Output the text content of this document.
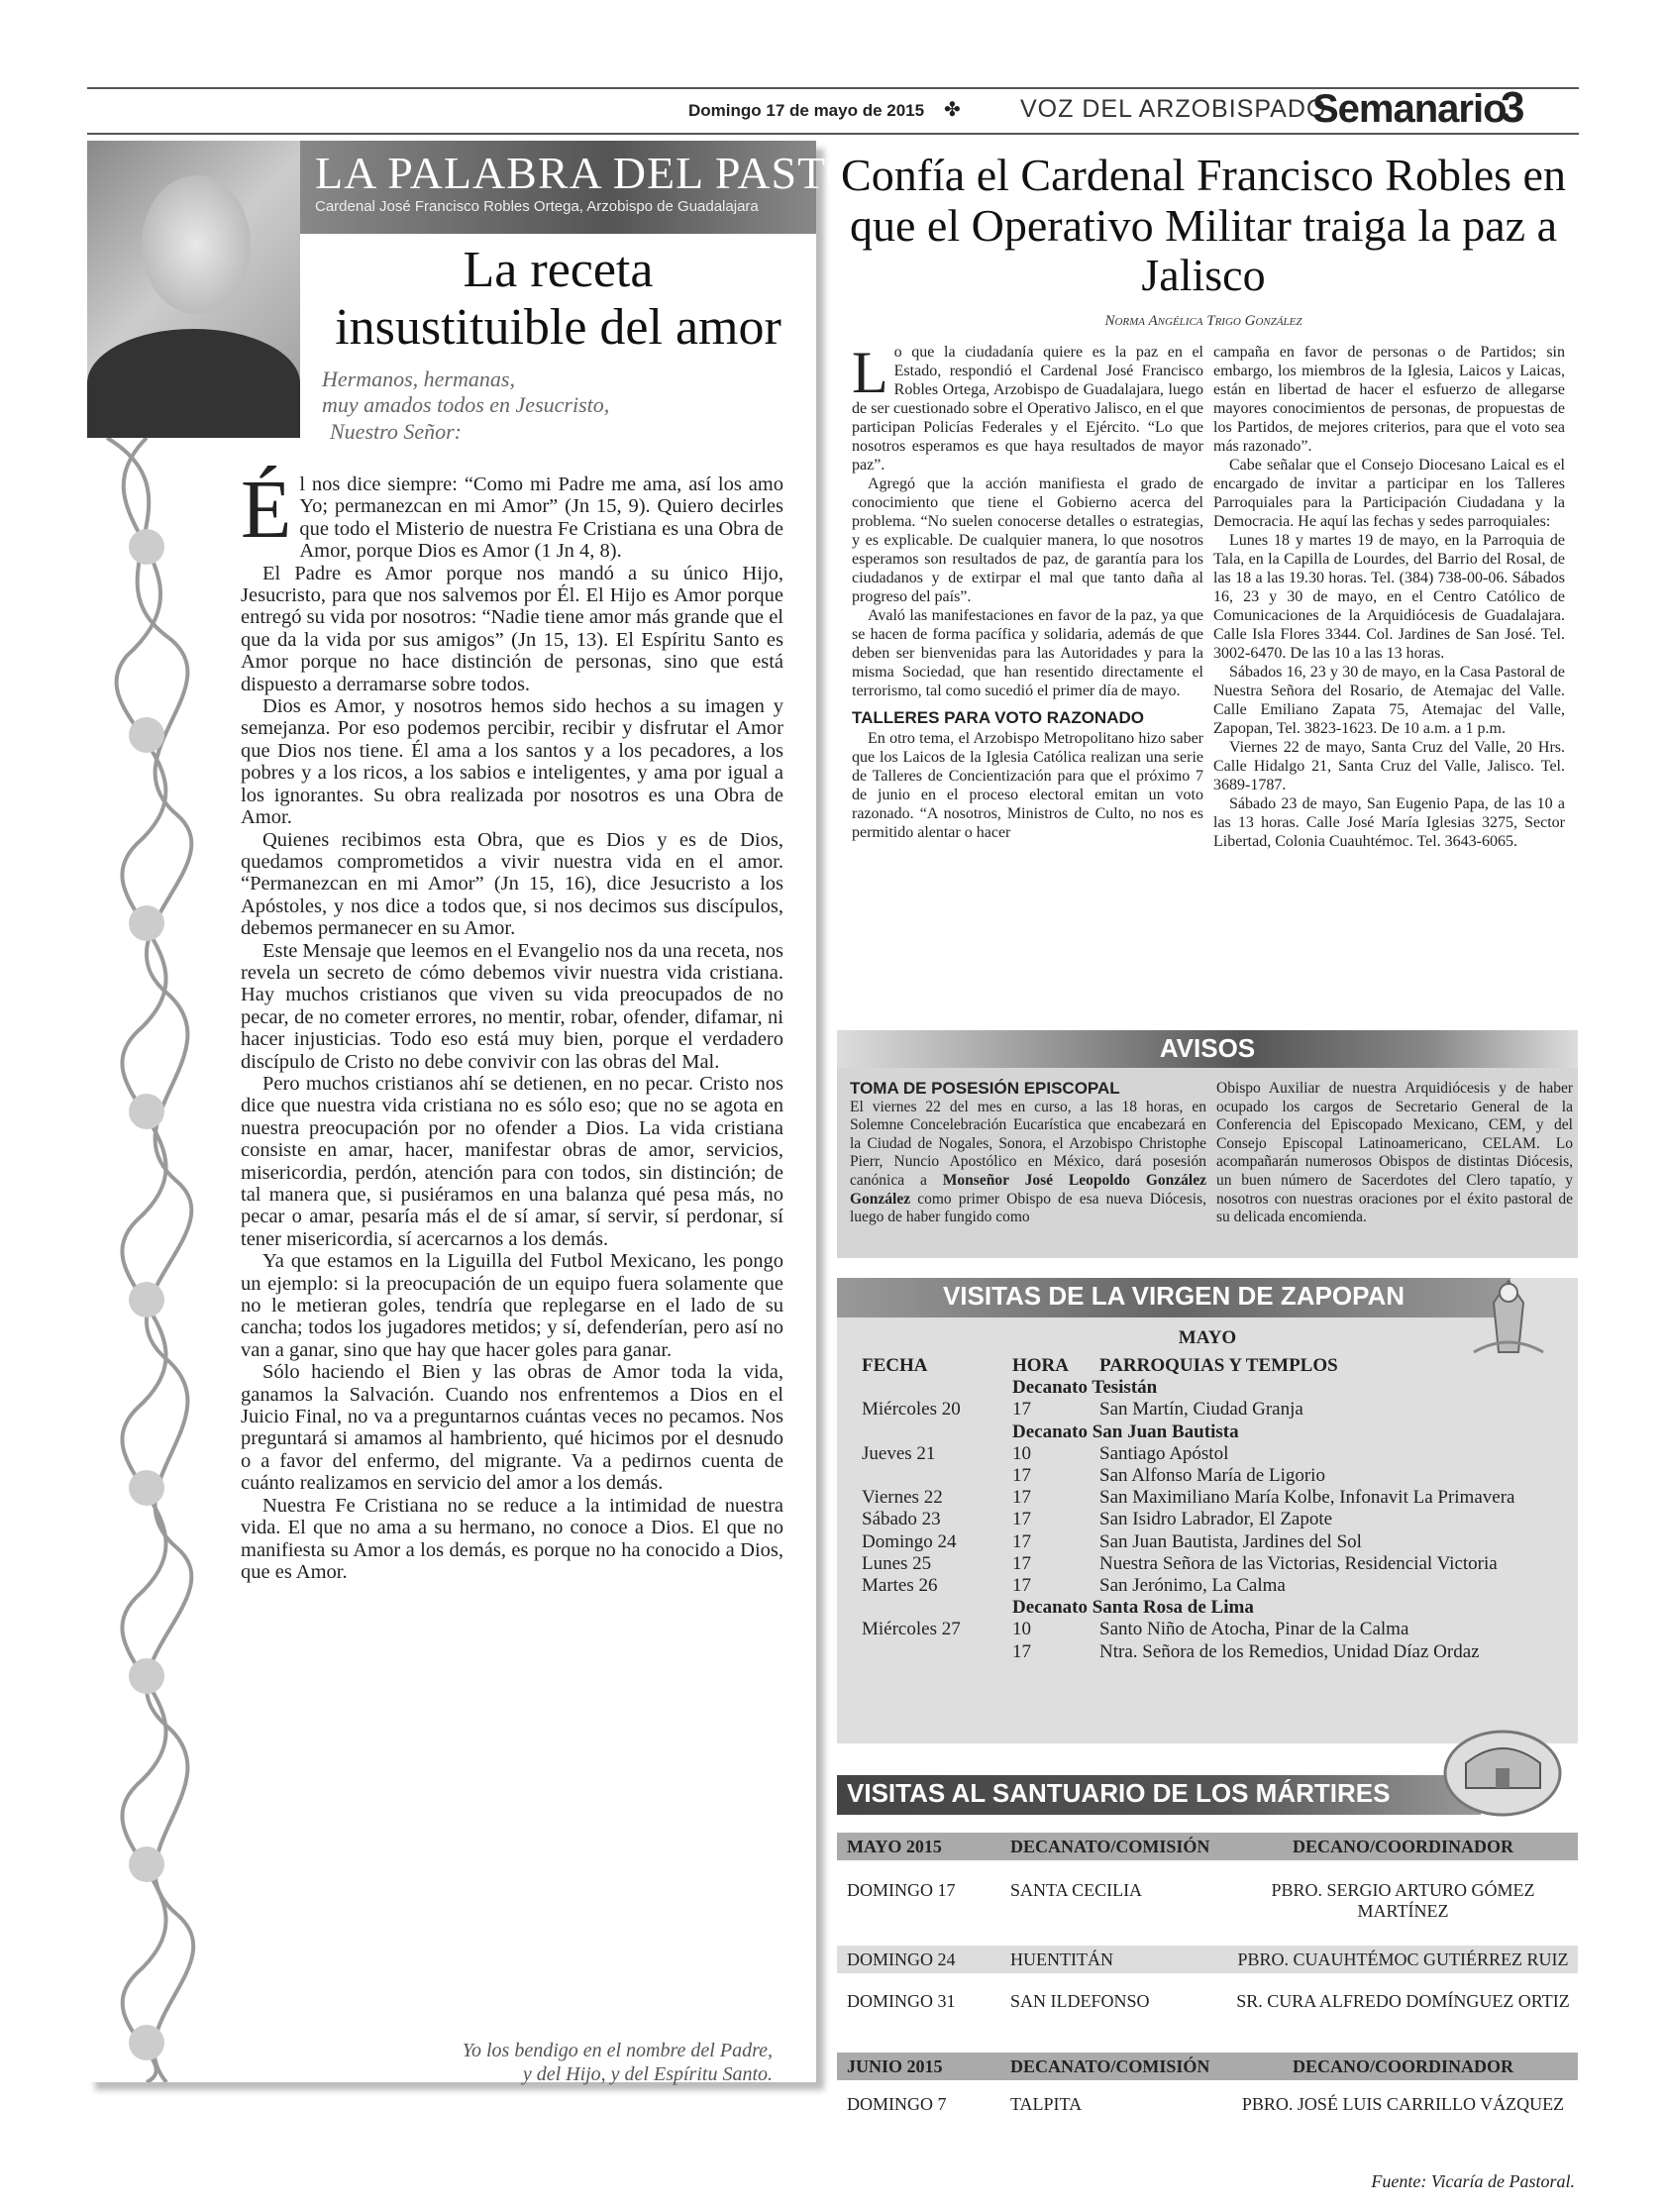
Domingo 17 de mayo de 2015 ✤ VOZ DEL ARZOBISPADO
Semanario
3
LA PALABRA DEL PASTOR
Cardenal José Francisco Robles Ortega, Arzobispo de Guadalajara
La receta
insustituible del amor
Hermanos, hermanas,
muy amados todos en Jesucristo,
Nuestro Señor:

Él nos dice siempre: “Como mi Padre me ama, así los amo Yo; permanezcan en mi Amor” (Jn 15, 9). Quiero decirles que todo el Misterio de nuestra Fe Cristiana es una Obra de Amor, porque Dios es Amor (1 Jn 4, 8).

El Padre es Amor porque nos mandó a su único Hijo, Jesucristo, para que nos salvemos por Él. El Hijo es Amor porque entregó su vida por nosotros: “Nadie tiene amor más grande que el que da la vida por sus amigos” (Jn 15, 13). El Espíritu Santo es Amor porque no hace distinción de personas, sino que está dispuesto a derramarse sobre todos.

Dios es Amor, y nosotros hemos sido hechos a su imagen y semejanza. Por eso podemos percibir, recibir y disfrutar el Amor que Dios nos tiene. Él ama a los santos y a los pecadores, a los pobres y a los ricos, a los sabios e inteligentes, y ama por igual a los ignorantes. Su obra realizada por nosotros es una Obra de Amor.

Quienes recibimos esta Obra, que es Dios y es de Dios, quedamos comprometidos a vivir nuestra vida en el amor. “Permanezcan en mi Amor” (Jn 15, 16), dice Jesucristo a los Apóstoles, y nos dice a todos que, si nos decimos sus discípulos, debemos permanecer en su Amor.

Este Mensaje que leemos en el Evangelio nos da una receta, nos revela un secreto de cómo debemos vivir nuestra vida cristiana. Hay muchos cristianos que viven su vida preocupados de no pecar, de no cometer errores, no mentir, robar, ofender, difamar, ni hacer injusticias. Todo eso está muy bien, porque el verdadero discípulo de Cristo no debe convivir con las obras del Mal.

Pero muchos cristianos ahí se detienen, en no pecar. Cristo nos dice que nuestra vida cristiana no es sólo eso; que no se agota en nuestra preocupación por no ofender a Dios. La vida cristiana consiste en amar, hacer, manifestar obras de amor, servicios, misericordia, perdón, atención para con todos, sin distinción; de tal manera que, si pusiéramos en una balanza qué pesa más, no pecar o amar, pesaría más el de sí amar, sí servir, sí perdonar, sí tener misericordia, sí acercarnos a los demás.

Ya que estamos en la Liguilla del Futbol Mexicano, les pongo un ejemplo: si la preocupación de un equipo fuera solamente que no le metieran goles, tendría que replegarse en el lado de su cancha; todos los jugadores metidos; y sí, defenderían, pero así no van a ganar, sino que hay que hacer goles para ganar.

Sólo haciendo el Bien y las obras de Amor toda la vida, ganamos la Salvación. Cuando nos enfrentemos a Dios en el Juicio Final, no va a preguntarnos cuántas veces no pecamos. Nos preguntará si amamos al hambriento, qué hicimos por el desnudo o a favor del enfermo, del migrante. Va a pedirnos cuenta de cuánto realizamos en servicio del amor a los demás.

Nuestra Fe Cristiana no se reduce a la intimidad de nuestra vida. El que no ama a su hermano, no conoce a Dios. El que no manifiesta su Amor a los demás, es porque no ha conocido a Dios, que es Amor.

Yo los bendigo en el nombre del Padre,
y del Hijo, y del Espíritu Santo.
Confía el Cardenal Francisco Robles en que el Operativo Militar traiga la paz a Jalisco
Norma Angélica Trigo González

Lo que la ciudadanía quiere es la paz en el Estado, respondió el Cardenal José Francisco Robles Ortega, Arzobispo de Guadalajara, luego de ser cuestionado sobre el Operativo Jalisco, en el que participan Policías Federales y el Ejército. “Lo que nosotros esperamos es que haya resultados de mayor paz”.

Agregó que la acción manifiesta el grado de conocimiento que tiene el Gobierno acerca del problema. “No suelen conocerse detalles o estrategias, y es explicable. De cualquier manera, lo que nosotros esperamos son resultados de paz, de garantía para los ciudadanos y de extirpar el mal que tanto daña al progreso del país”.

Avaló las manifestaciones en favor de la paz, ya que se hacen de forma pacífica y solidaria, además de que deben ser bienvenidas para las Autoridades y para la misma Sociedad, que han resentido directamente el terrorismo, tal como sucedió el primer día de mayo.

TALLERES PARA VOTO RAZONADO

En otro tema, el Arzobispo Metropolitano hizo saber que los Laicos de la Iglesia Católica realizan una serie de Talleres de Concientización para que el próximo 7 de junio en el proceso electoral emitan un voto razonado. “A nosotros, Ministros de Culto, no nos es permitido alentar o hacer

campaña en favor de personas o de Partidos; sin embargo, los miembros de la Iglesia, Laicos y Laicas, están en libertad de hacer el esfuerzo de allegarse mayores conocimientos de personas, de propuestas de los Partidos, de mejores criterios, para que el voto sea más razonado”.

Cabe señalar que el Consejo Diocesano Laical es el encargado de invitar a participar en los Talleres Parroquiales para la Participación Ciudadana y la Democracia. He aquí las fechas y sedes parroquiales:

Lunes 18 y martes 19 de mayo, en la Parroquia de Tala, en la Capilla de Lourdes, del Barrio del Rosal, de las 18 a las 19.30 horas. Tel. (384) 738-00-06. Sábados 16, 23 y 30 de mayo, en el Centro Católico de Comunicaciones de la Arquidiócesis de Guadalajara. Calle Isla Flores 3344. Col. Jardines de San José. Tel. 3002-6470. De las 10 a las 13 horas.

Sábados 16, 23 y 30 de mayo, en la Casa Pastoral de Nuestra Señora del Rosario, de Atemajac del Valle. Calle Emiliano Zapata 75, Atemajac del Valle, Zapopan, Tel. 3823-1623. De 10 a.m. a 1 p.m.

Viernes 22 de mayo, Santa Cruz del Valle, 20 Hrs. Calle Hidalgo 21, Santa Cruz del Valle, Jalisco. Tel. 3689-1787.

Sábado 23 de mayo, San Eugenio Papa, de las 10 a las 13 horas. Calle José María Iglesias 3275, Sector Libertad, Colonia Cuauhtémoc. Tel. 3643-6065.

AVISOS
TOMA DE POSESIÓN EPISCOPAL
El viernes 22 del mes en curso, a las 18 horas, en Solemne Concelebración Eucarística que encabezará en la Ciudad de Nogales, Sonora, el Arzobispo Christophe Pierr, Nuncio Apostólico en México, dará posesión canónica a Monseñor José Leopoldo González González como primer Obispo de esa nueva Diócesis, luego de haber fungido como
Obispo Auxiliar de nuestra Arquidiócesis y de haber ocupado los cargos de Secretario General de la Conferencia del Episcopado Mexicano, CEM, y del Consejo Episcopal Latinoamericano, CELAM. Lo acompañarán numerosos Obispos de distintas Diócesis, un buen número de Sacerdotes del Clero tapatío, y nosotros con nuestras oraciones por el éxito pastoral de su delicada encomienda.
VISITAS DE LA VIRGEN DE ZAPOPAN
MAYO
FECHA	HORA	PARROQUIAS Y TEMPLOS
Decanato Tesistán
Miércoles 20	17	San Martín, Ciudad Granja
Decanato San Juan Bautista
Jueves 21	10	Santiago Apóstol
17	San Alfonso María de Ligorio
Viernes 22	17	San Maximiliano María Kolbe, Infonavit La Primavera
Sábado 23	17	San Isidro Labrador, El Zapote
Domingo 24	17	San Juan Bautista, Jardines del Sol
Lunes 25	17	Nuestra Señora de las Victorias, Residencial Victoria
Martes 26	17	San Jerónimo, La Calma
Decanato Santa Rosa de Lima
Miércoles 27	10	Santo Niño de Atocha, Pinar de la Calma
17	Ntra. Señora de los Remedios, Unidad Díaz Ordaz
VISITAS AL SANTUARIO DE LOS MÁRTIRES
MAYO 2015	DECANATO/COMISIÓN	DECANO/COORDINADOR
DOMINGO 17	SANTA CECILIA	PBRO. SERGIO ARTURO GÓMEZ MARTÍNEZ
DOMINGO 24	HUENTITÁN	PBRO. CUAUHTÉMOC GUTIÉRREZ RUIZ
DOMINGO 31	SAN ILDEFONSO	SR. CURA ALFREDO DOMÍNGUEZ ORTIZ
JUNIO 2015	DECANATO/COMISIÓN	DECANO/COORDINADOR
DOMINGO 7	TALPITA	PBRO. JOSÉ LUIS CARRILLO VÁZQUEZ
Fuente: Vicaría de Pastoral.
